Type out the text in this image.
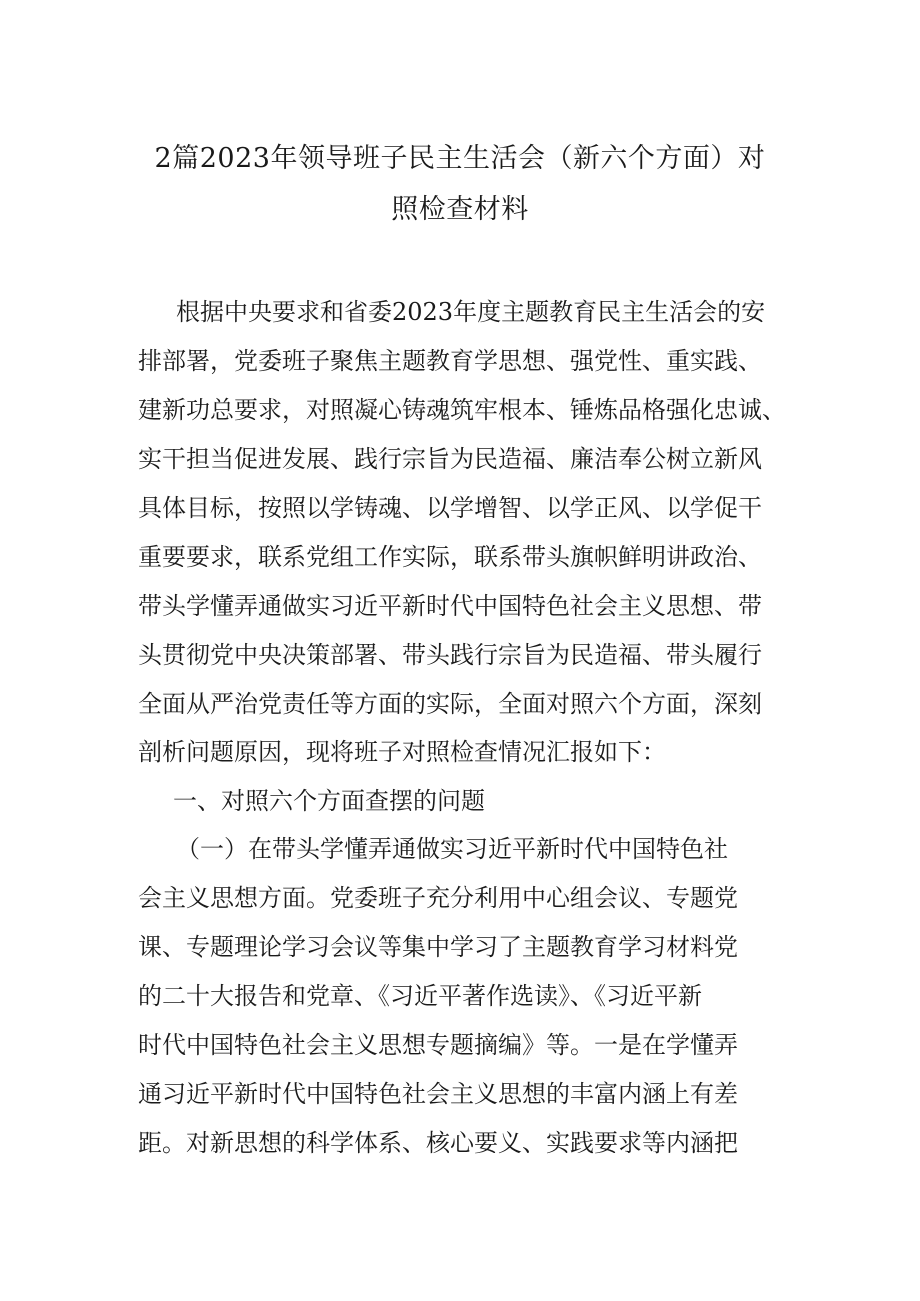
2篇2023年领导班子民主生活会（新六个方面）对
照检查材料
根据中央要求和省委2023年度主题教育民主生活会的安
排部署，党委班子聚焦主题教育学思想、强党性、重实践、
建新功总要求，对照凝心铸魂筑牢根本、锤炼品格强化忠诚、
实干担当促进发展、践行宗旨为民造福、廉洁奉公树立新风
具体目标，按照以学铸魂、以学增智、以学正风、以学促干
重要要求，联系党组工作实际，联系带头旗帜鲜明讲政治、
带头学懂弄通做实习近平新时代中国特色社会主义思想、带
头贯彻党中央决策部署、带头践行宗旨为民造福、带头履行
全面从严治党责任等方面的实际，全面对照六个方面，深刻
剖析问题原因，现将班子对照检查情况汇报如下：
一、对照六个方面查摆的问题
（一）在带头学懂弄通做实习近平新时代中国特色社
会主义思想方面。党委班子充分利用中心组会议、专题党
课、专题理论学习会议等集中学习了主题教育学习材料党
的二十大报告和党章、《习近平著作选读》、《习近平新
时代中国特色社会主义思想专题摘编》等。一是在学懂弄
通习近平新时代中国特色社会主义思想的丰富内涵上有差
距。对新思想的科学体系、核心要义、实践要求等内涵把
